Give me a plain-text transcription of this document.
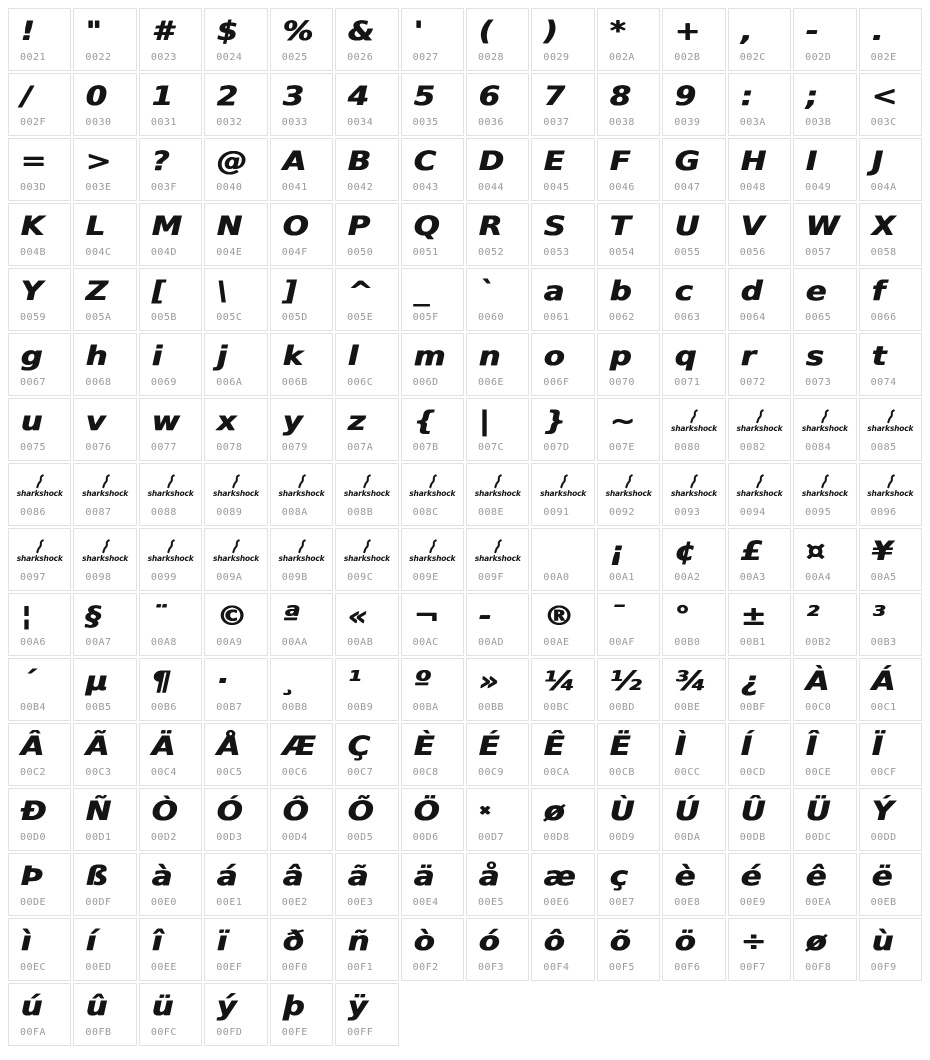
!
0021
"
0022
#
0023
$
0024
%
0025
&
0026
'
0027
(
0028
)
0029
*
002A
+
002B
,
002C
-
002D
.
002E
/
002F
0
0030
1
0031
2
0032
3
0033
4
0034
5
0035
6
0036
7
0037
8
0038
9
0039
:
003A
;
003B
<
003C
=
003D
>
003E
?
003F
@
0040
A
0041
B
0042
C
0043
D
0044
E
0045
F
0046
G
0047
H
0048
I
0049
J
004A
K
004B
L
004C
M
004D
N
004E
O
004F
P
0050
Q
0051
R
0052
S
0053
T
0054
U
0055
V
0056
W
0057
X
0058
Y
0059
Z
005A
[
005B
\
005C
]
005D
^
005E
_
005F
`
0060
a
0061
b
0062
c
0063
d
0064
e
0065
f
0066
g
0067
h
0068
i
0069
j
006A
k
006B
l
006C
m
006D
n
006E
o
006F
p
0070
q
0071
r
0072
s
0073
t
0074
u
0075
v
0076
w
0077
x
0078
y
0079
z
007A
{
007B
|
007C
}
007D
~
007E
sharkshock
0080
sharkshock
0082
sharkshock
0084
sharkshock
0085
sharkshock
0086
sharkshock
0087
sharkshock
0088
sharkshock
0089
sharkshock
008A
sharkshock
008B
sharkshock
008C
sharkshock
008E
sharkshock
0091
sharkshock
0092
sharkshock
0093
sharkshock
0094
sharkshock
0095
sharkshock
0096
sharkshock
0097
sharkshock
0098
sharkshock
0099
sharkshock
009A
sharkshock
009B
sharkshock
009C
sharkshock
009E
sharkshock
009F	00A0
¡
00A1
¢
00A2
£
00A3
¤
00A4
¥
00A5
¦
00A6
§
00A7
¨
00A8
©
00A9
ª
00AA
«
00AB
¬
00AC
-
00AD
®
00AE
¯
00AF
°
00B0
±
00B1
²
00B2
³
00B3
´
00B4
µ
00B5
¶
00B6
·
00B7
¸
00B8
¹
00B9
º
00BA
»
00BB
¼
00BC
½
00BD
¾
00BE
¿
00BF
À
00C0
Á
00C1
Â
00C2
Ã
00C3
Ä
00C4
Å
00C5
Æ
00C6
Ç
00C7
È
00C8
É
00C9
Ê
00CA
Ë
00CB
Ì
00CC
Í
00CD
Î
00CE
Ï
00CF
Ð
00D0
Ñ
00D1
Ò
00D2
Ó
00D3
Ô
00D4
Õ
00D5
Ö
00D6
✖
00D7
ø
00D8
Ù
00D9
Ú
00DA
Û
00DB
Ü
00DC
Ý
00DD
Þ
00DE
ß
00DF
à
00E0
á
00E1
â
00E2
ã
00E3
ä
00E4
å
00E5
æ
00E6
ç
00E7
è
00E8
é
00E9
ê
00EA
ë
00EB
ì
00EC
í
00ED
î
00EE
ï
00EF
ð
00F0
ñ
00F1
ò
00F2
ó
00F3
ô
00F4
õ
00F5
ö
00F6
÷
00F7
ø
00F8
ù
00F9
ú
00FA
û
00FB
ü
00FC
ý
00FD
þ
00FE
ÿ
00FF
